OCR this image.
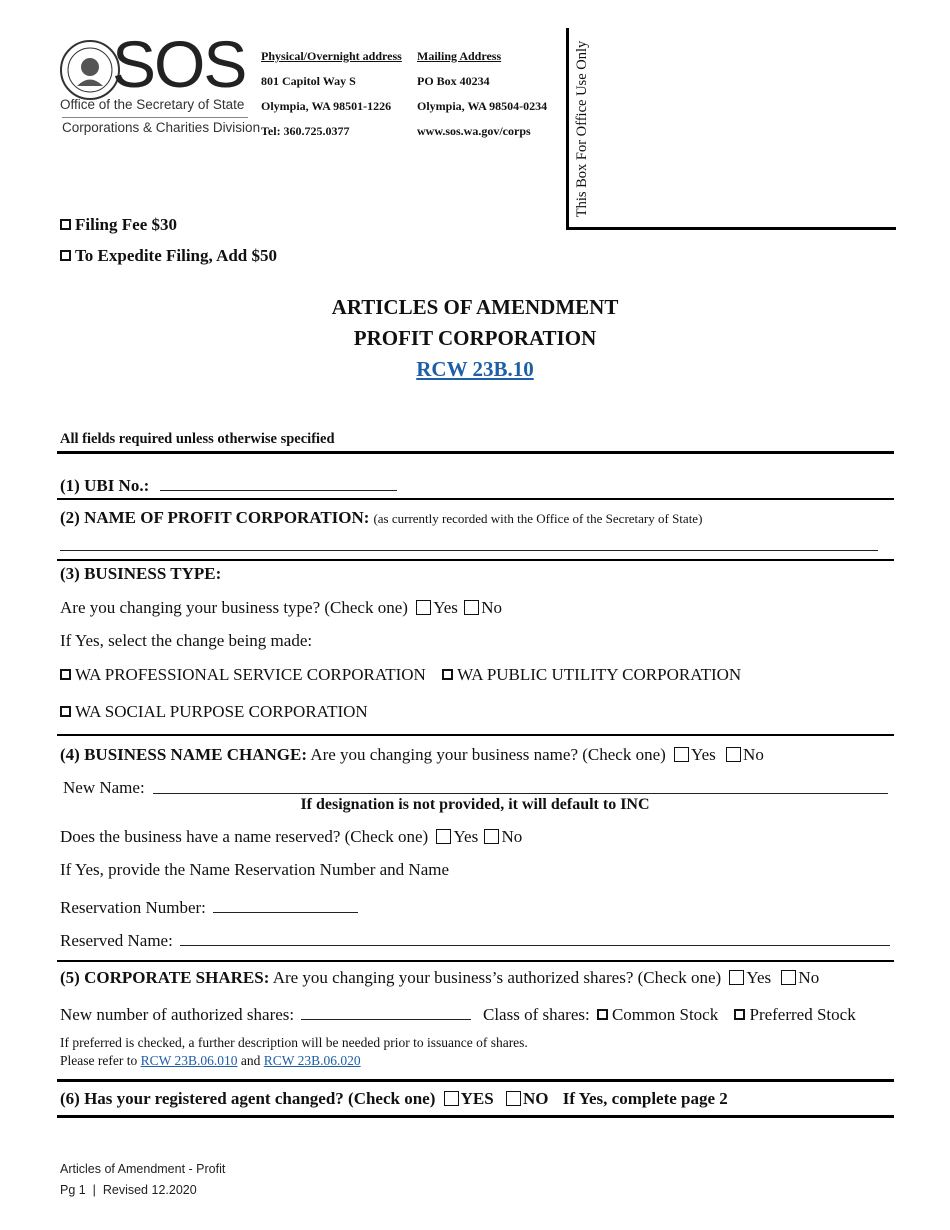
SOS
Office of the Secretary of State
Corporations & Charities Division
Physical/Overnight address
801 Capitol Way S
Olympia, WA 98501-1226
Tel: 360.725.0377
Mailing Address
PO Box 40234
Olympia, WA 98504-0234
www.sos.wa.gov/corps	This Box For Office Use Only
Filing Fee $30
To Expedite Filing, Add $50
ARTICLES OF AMENDMENT
PROFIT CORPORATION
RCW 23B.10
All fields required unless otherwise specified
(1) UBI No.:
(2) NAME OF PROFIT CORPORATION: (as currently recorded with the Office of the Secretary of State)
(3) BUSINESS TYPE:
Are you changing your business type? (Check one) Yes No
If Yes, select the change being made:
WA PROFESSIONAL SERVICE CORPORATION WA PUBLIC UTILITY CORPORATION
WA SOCIAL PURPOSE CORPORATION
(4) BUSINESS NAME CHANGE: Are you changing your business name? (Check one) Yes No
New Name:
If designation is not provided, it will default to INC
Does the business have a name reserved? (Check one) Yes No
If Yes, provide the Name Reservation Number and Name
Reservation Number:
Reserved Name:
(5) CORPORATE SHARES: Are you changing your business’s authorized shares? (Check one) Yes No
New number of authorized shares:	Class of shares: Common Stock Preferred Stock
If preferred is checked, a further description will be needed prior to issuance of shares.
Please refer to RCW 23B.06.010 and RCW 23B.06.020
(6) Has your registered agent changed? (Check one) YES NO If Yes, complete page 2
Articles of Amendment - Profit
Pg 1  |  Revised 12.2020
